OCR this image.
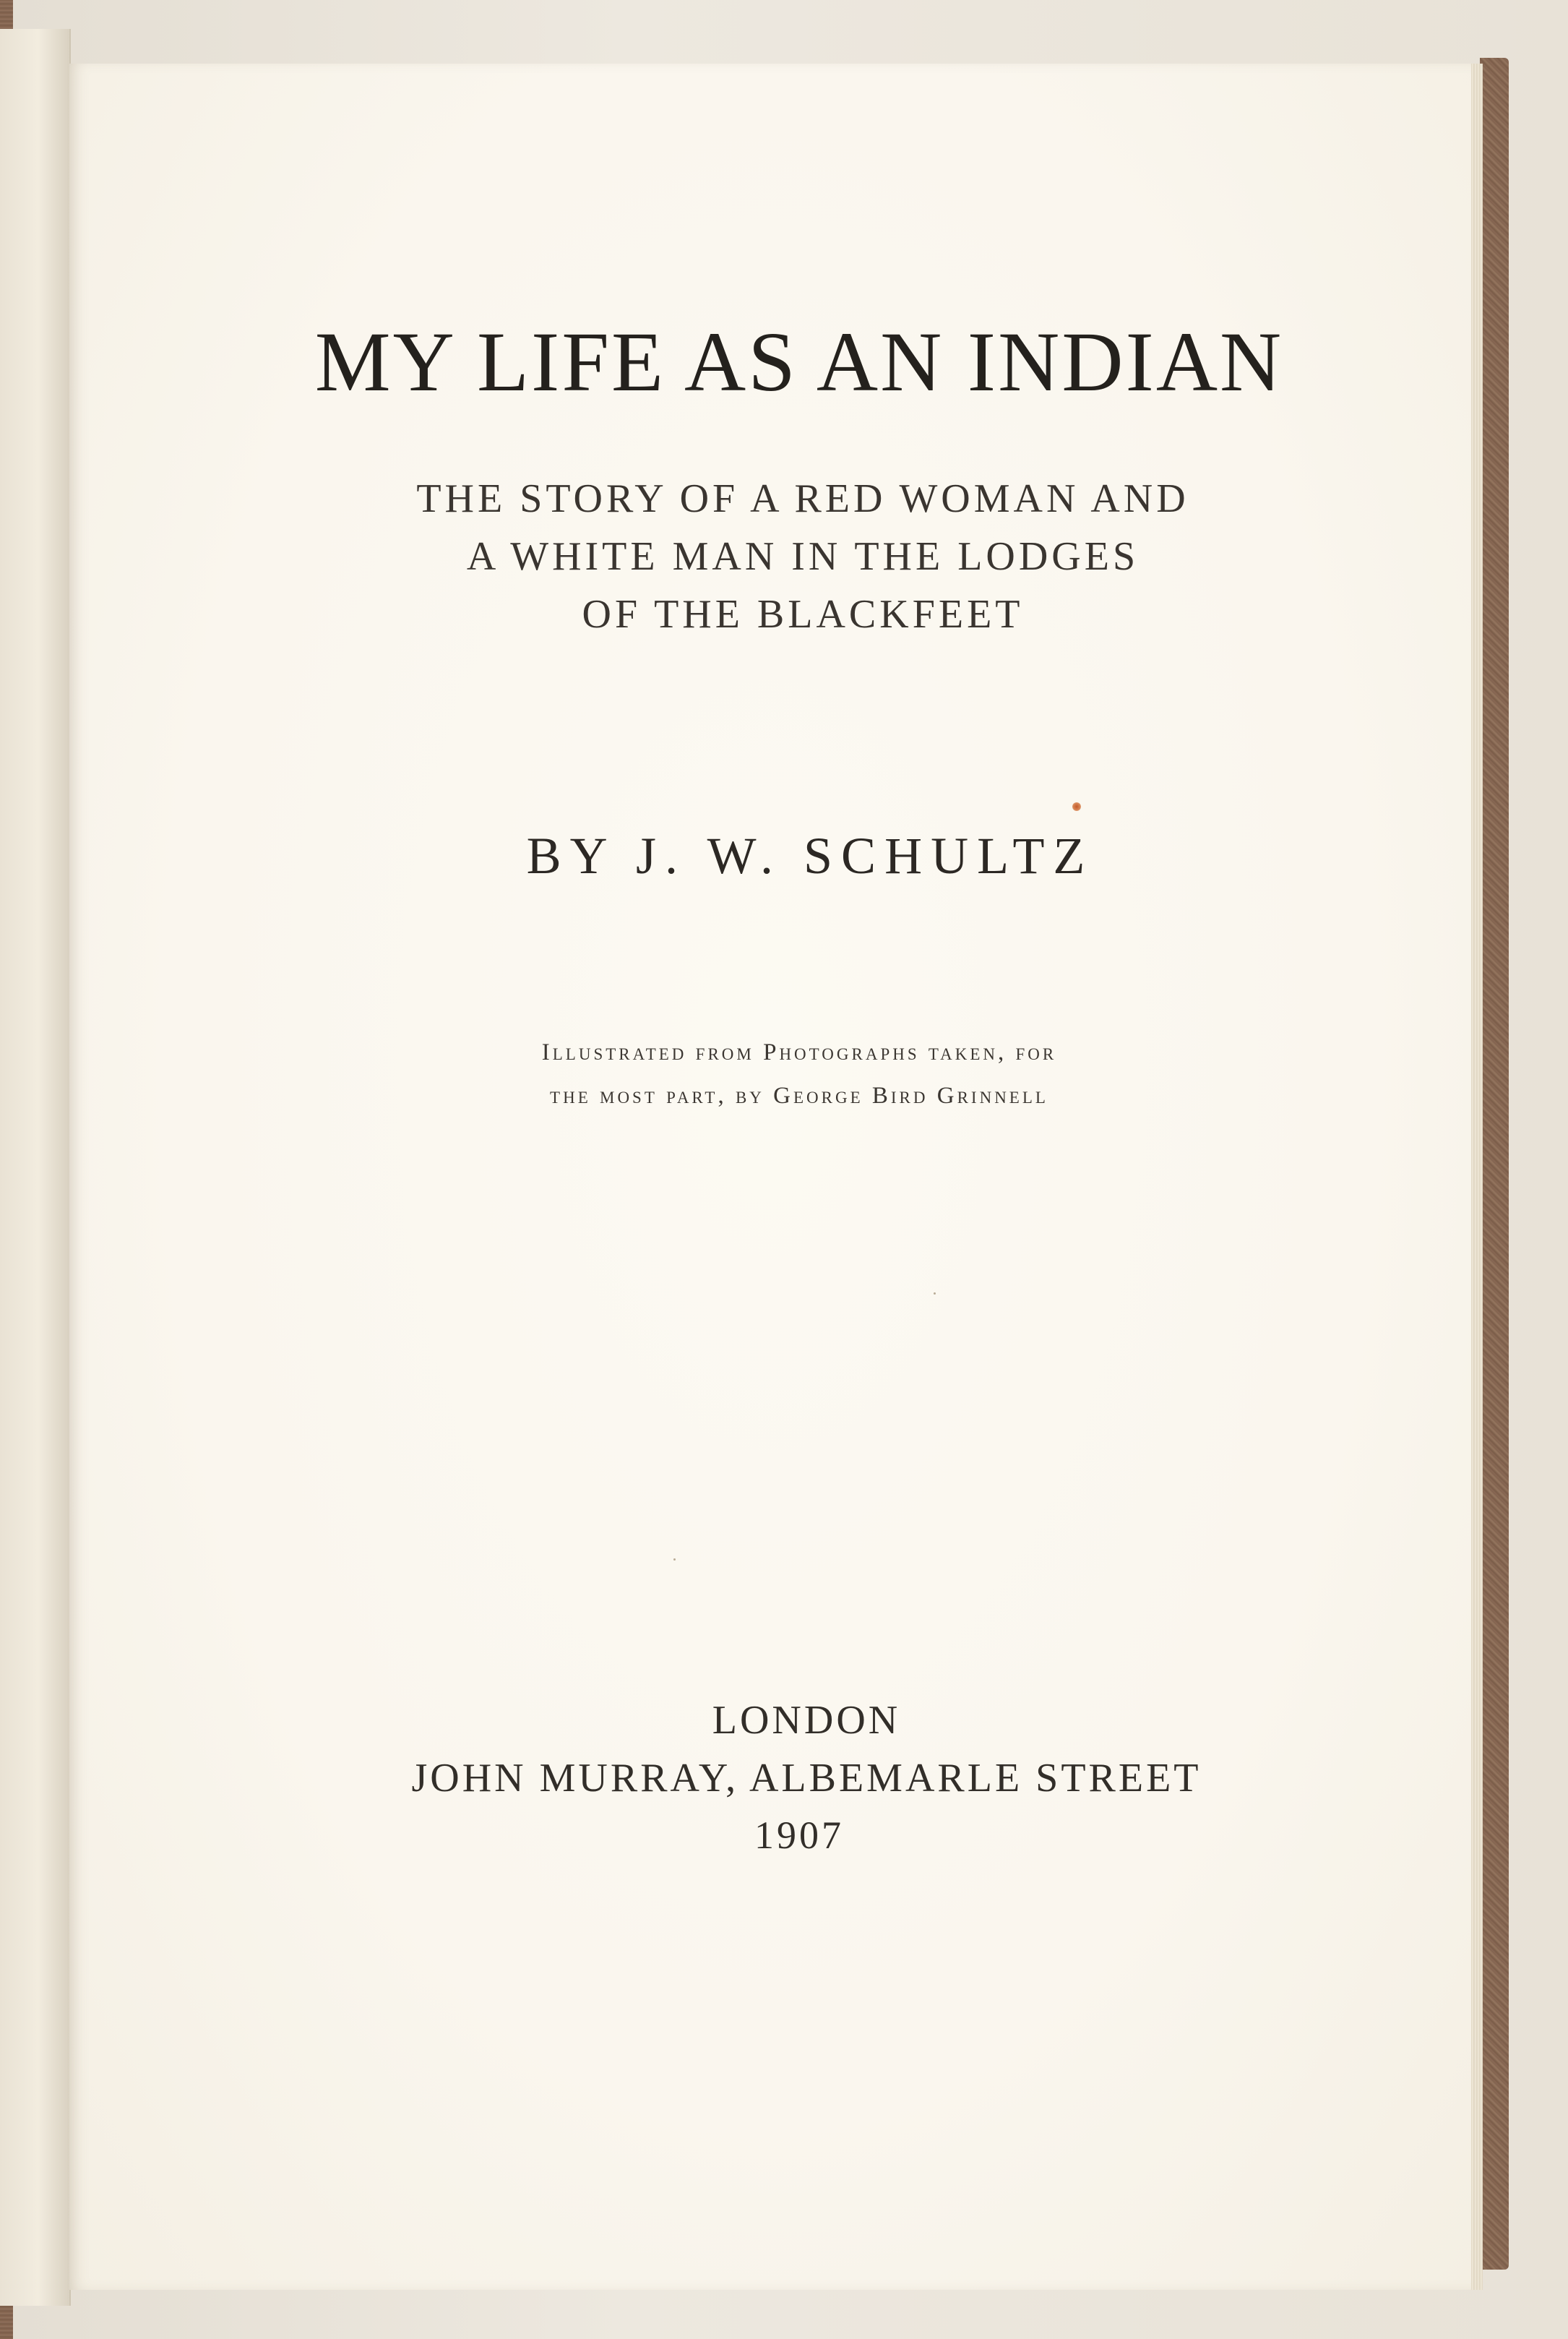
MY LIFE AS AN INDIAN
THE STORY OF A RED WOMAN AND
A WHITE MAN IN THE LODGES
OF THE BLACKFEET
BY J. W. SCHULTZ
Illustrated from Photographs taken, for
the most part, by George Bird Grinnell
LONDON
JOHN MURRAY, ALBEMARLE STREET
1907
